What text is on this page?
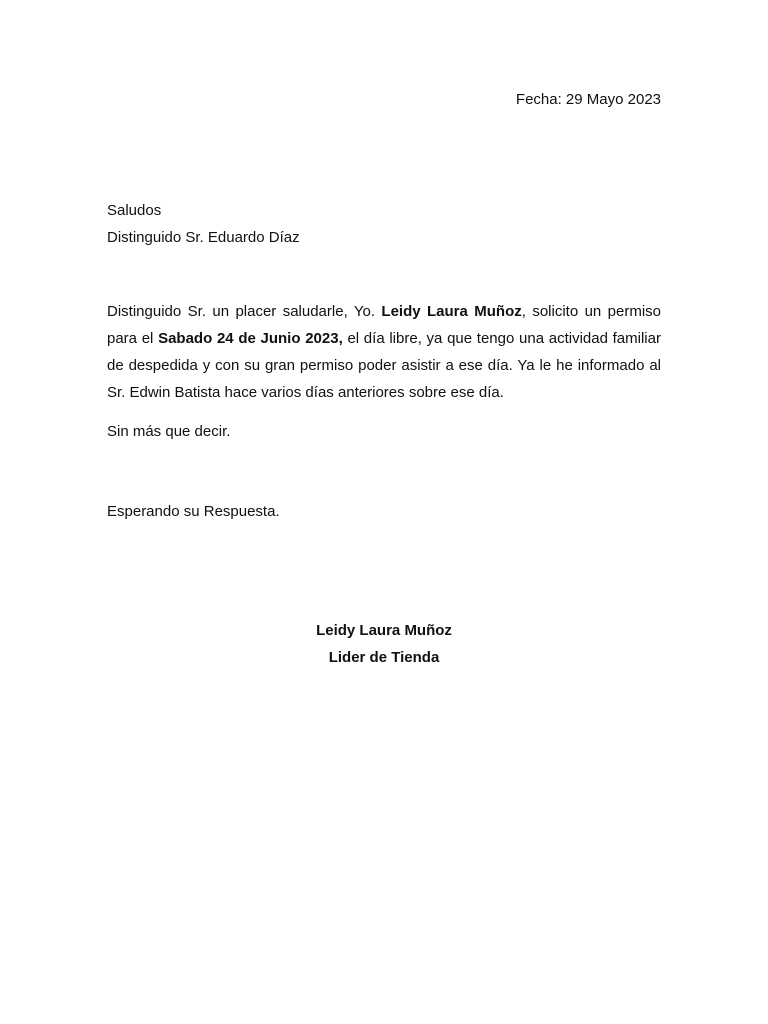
Fecha: 29 Mayo 2023
Saludos
Distinguido Sr. Eduardo Díaz

Distinguido Sr. un placer saludarle, Yo. Leidy Laura Muñoz, solicito un permiso para el Sabado 24 de Junio 2023, el día libre, ya que tengo una actividad familiar de despedida y con su gran permiso poder asistir a ese día. Ya le he informado al Sr. Edwin Batista hace varios días anteriores sobre ese día.

Sin más que decir.
Esperando su Respuesta.
Leidy Laura Muñoz
Lider de Tienda
